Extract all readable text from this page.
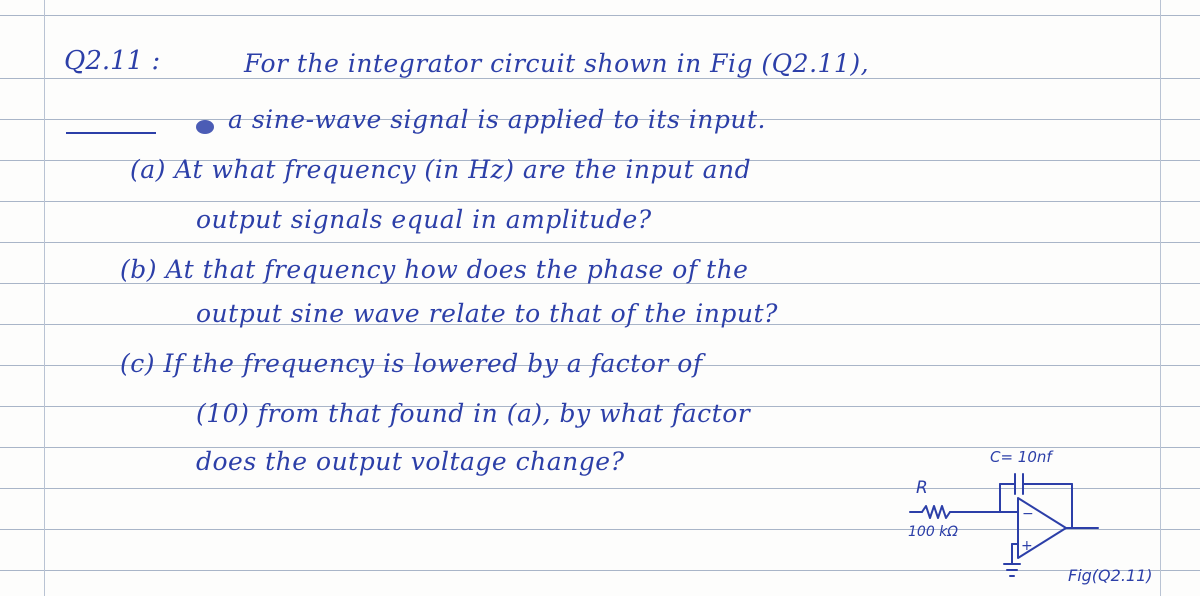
Q2.11 :	For the integrator circuit shown in Fig (Q2.11),
a sine-wave signal is applied to its input.
(a) At what frequency (in Hz) are the input and
output signals equal in amplitude?
(b) At that frequency how does the phase of the
output sine wave relate to that of the input?
(c) If the frequency is lowered by a factor of
(10) from that found in (a), by what factor
does the output voltage change?
−
+
R
100 kΩ
C= 10nf
Fig(Q2.11)
